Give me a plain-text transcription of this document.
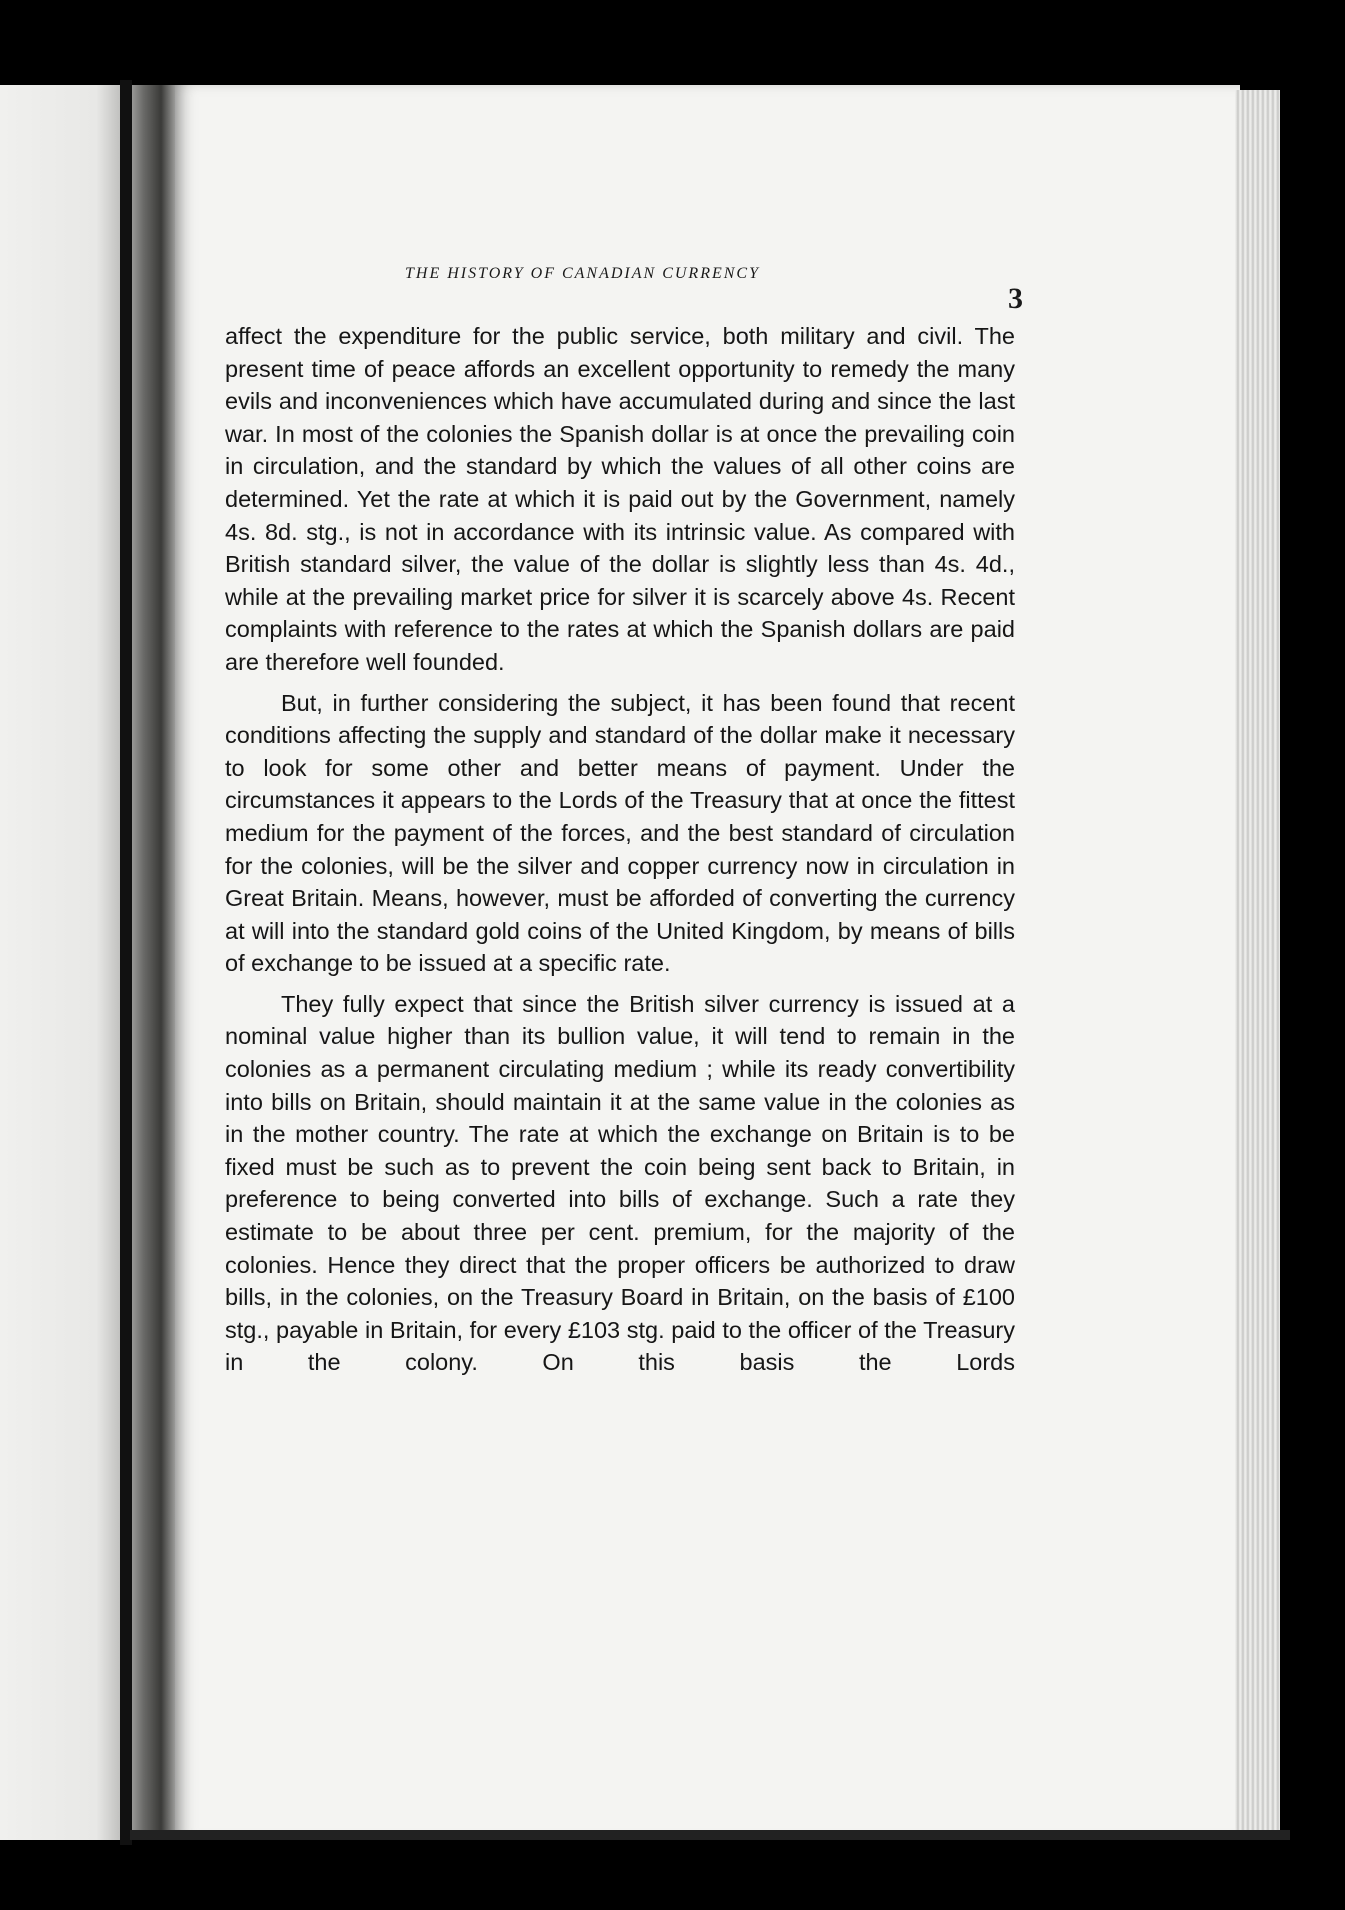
THE HISTORY OF CANADIAN CURRENCY
3

affect the expenditure for the public service, both military and civil. The present time of peace affords an excellent opportunity to remedy the many evils and inconveniences which have accumulated during and since the last war. In most of the colonies the Spanish dollar is at once the prevailing coin in circulation, and the standard by which the values of all other coins are determined. Yet the rate at which it is paid out by the Government, namely 4s. 8d. stg., is not in accordance with its intrinsic value. As compared with British standard silver, the value of the dollar is slightly less than 4s. 4d., while at the prevailing market price for silver it is scarcely above 4s. Recent complaints with reference to the rates at which the Spanish dollars are paid are therefore well founded.

But, in further considering the subject, it has been found that recent conditions affecting the supply and standard of the dollar make it necessary to look for some other and better means of payment. Under the circumstances it appears to the Lords of the Treasury that at once the fittest medium for the payment of the forces, and the best standard of circulation for the colonies, will be the silver and copper currency now in circulation in Great Britain. Means, however, must be afforded of converting the currency at will into the standard gold coins of the United Kingdom, by means of bills of exchange to be issued at a specific rate.

They fully expect that since the British silver currency is issued at a nominal value higher than its bullion value, it will tend to remain in the colonies as a permanent circulating medium ; while its ready convertibility into bills on Britain, should maintain it at the same value in the colonies as in the mother country. The rate at which the exchange on Britain is to be fixed must be such as to prevent the coin being sent back to Britain, in preference to being converted into bills of exchange. Such a rate they estimate to be about three per cent. premium, for the majority of the colonies. Hence they direct that the proper officers be authorized to draw bills, in the colonies, on the Treasury Board in Britain, on the basis of £100 stg., payable in Britain, for every £103 stg. paid to the officer of the Treasury in the colony. On this basis the Lords
